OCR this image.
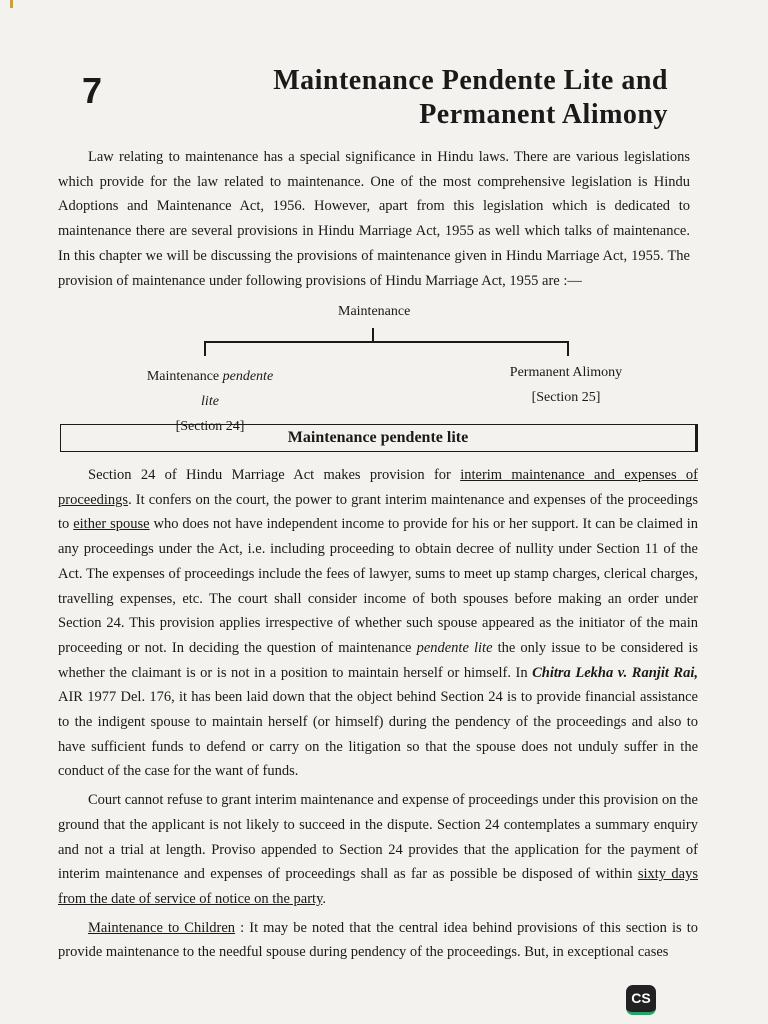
7	Maintenance Pendente Lite and
Permanent Alimony

Law relating to maintenance has a special significance in Hindu laws. There are various legislations which provide for the law related to maintenance. One of the most comprehensive legislation is Hindu Adoptions and Maintenance Act, 1956. However, apart from this legislation which is dedicated to maintenance there are several provisions in Hindu Marriage Act, 1955 as well which talks of maintenance. In this chapter we will be discussing the provisions of maintenance given in Hindu Marriage Act, 1955. The provision of maintenance under following provisions of Hindu Marriage Act, 1955 are :—

Maintenance
Maintenance pendente lite
[Section 24]
Permanent Alimony
[Section 25]
Maintenance pendente lite

Section 24 of Hindu Marriage Act makes provision for interim maintenance and expenses of proceedings. It confers on the court, the power to grant interim maintenance and expenses of the proceedings to either spouse who does not have independent income to provide for his or her support. It can be claimed in any proceedings under the Act, i.e. including proceeding to obtain decree of nullity under Section 11 of the Act. The expenses of proceedings include the fees of lawyer, sums to meet up stamp charges, clerical charges, travelling expenses, etc. The court shall consider income of both spouses before making an order under Section 24. This provision applies irrespective of whether such spouse appeared as the initiator of the main proceeding or not. In deciding the question of maintenance pendente lite the only issue to be considered is whether the claimant is or is not in a position to maintain herself or himself. In Chitra Lekha v. Ranjit Rai, AIR 1977 Del. 176, it has been laid down that the object behind Section 24 is to provide financial assistance to the indigent spouse to maintain herself (or himself) during the pendency of the proceedings and also to have sufficient funds to defend or carry on the litigation so that the spouse does not unduly suffer in the conduct of the case for the want of funds.

Court cannot refuse to grant interim maintenance and expense of proceedings under this provision on the ground that the applicant is not likely to succeed in the dispute. Section 24 contemplates a summary enquiry and not a trial at length. Proviso appended to Section 24 provides that the application for the payment of interim maintenance and expenses of proceedings shall as far as possible be disposed of within sixty days from the date of service of notice on the party.

Maintenance to Children : It may be noted that the central idea behind provisions of this section is to provide maintenance to the needful spouse during pendency of the proceedings. But, in exceptional cases

CS
